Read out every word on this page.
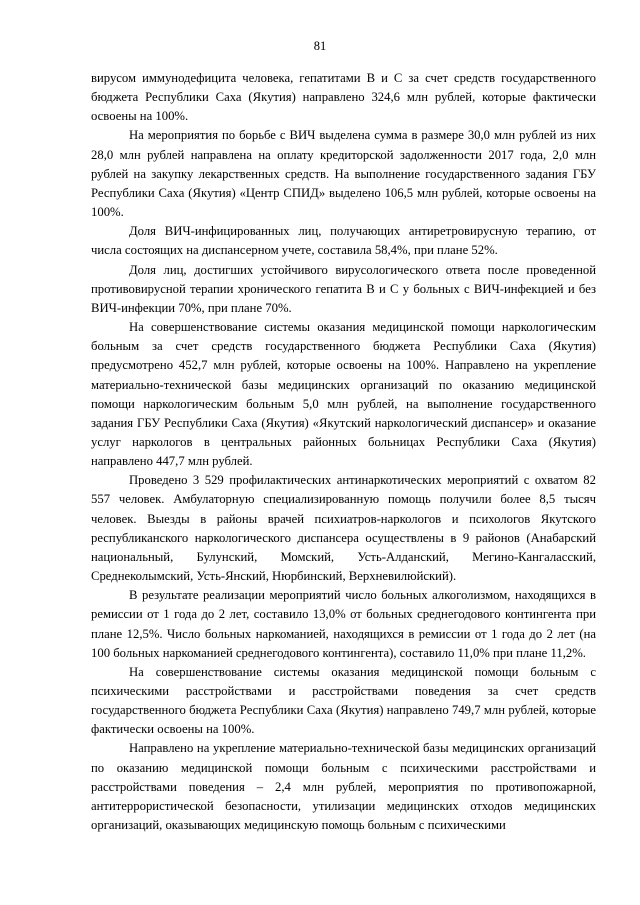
81

вирусом иммунодефицита человека, гепатитами В и С за счет средств государственного бюджета Республики Саха (Якутия) направлено 324,6 млн рублей, которые фактически освоены на 100%.

На мероприятия по борьбе с ВИЧ выделена сумма в размере 30,0 млн рублей из них 28,0 млн рублей направлена на оплату кредиторской задолженности 2017 года, 2,0 млн рублей на закупку лекарственных средств. На выполнение государственного задания ГБУ Республики Саха (Якутия) «Центр СПИД» выделено 106,5 млн рублей, которые освоены на 100%.

Доля ВИЧ-инфицированных лиц, получающих антиретровирусную терапию, от числа состоящих на диспансерном учете, составила 58,4%, при плане 52%.

Доля лиц, достигших устойчивого вирусологического ответа после проведенной противовирусной терапии хронического гепатита В и С у больных с ВИЧ-инфекцией и без ВИЧ-инфекции 70%, при плане 70%.

На совершенствование системы оказания медицинской помощи наркологическим больным за счет средств государственного бюджета Республики Саха (Якутия) предусмотрено 452,7 млн рублей, которые освоены на 100%. Направлено на укрепление материально-технической базы медицинских организаций по оказанию медицинской помощи наркологическим больным 5,0 млн рублей, на выполнение государственного задания ГБУ Республики Саха (Якутия) «Якутский наркологический диспансер» и оказание услуг наркологов в центральных районных больницах Республики Саха (Якутия) направлено 447,7 млн рублей.

Проведено 3 529 профилактических антинаркотических мероприятий с охватом 82 557 человек. Амбулаторную специализированную помощь получили более 8,5 тысяч человек. Выезды в районы врачей психиатров-наркологов и психологов Якутского республиканского наркологического диспансера осуществлены в 9 районов (Анабарский национальный, Булунский, Момский, Усть-Алданский, Мегино-Кангаласский, Среднеколымский, Усть-Янский, Нюрбинский, Верхневилюйский).

В результате реализации мероприятий число больных алкоголизмом, находящихся в ремиссии от 1 года до 2 лет, составило 13,0% от больных среднегодового контингента при плане 12,5%. Число больных наркоманией, находящихся в ремиссии от 1 года до 2 лет (на 100 больных наркоманией среднегодового контингента), составило 11,0% при плане 11,2%.

На совершенствование системы оказания медицинской помощи больным с психическими расстройствами и расстройствами поведения за счет средств государственного бюджета Республики Саха (Якутия) направлено 749,7 млн рублей, которые фактически освоены на 100%.

Направлено на укрепление материально-технической базы медицинских организаций по оказанию медицинской помощи больным с психическими расстройствами и расстройствами поведения – 2,4 млн рублей, мероприятия по противопожарной, антитеррористической безопасности, утилизации медицинских отходов медицинских организаций, оказывающих медицинскую помощь больным с психическими
